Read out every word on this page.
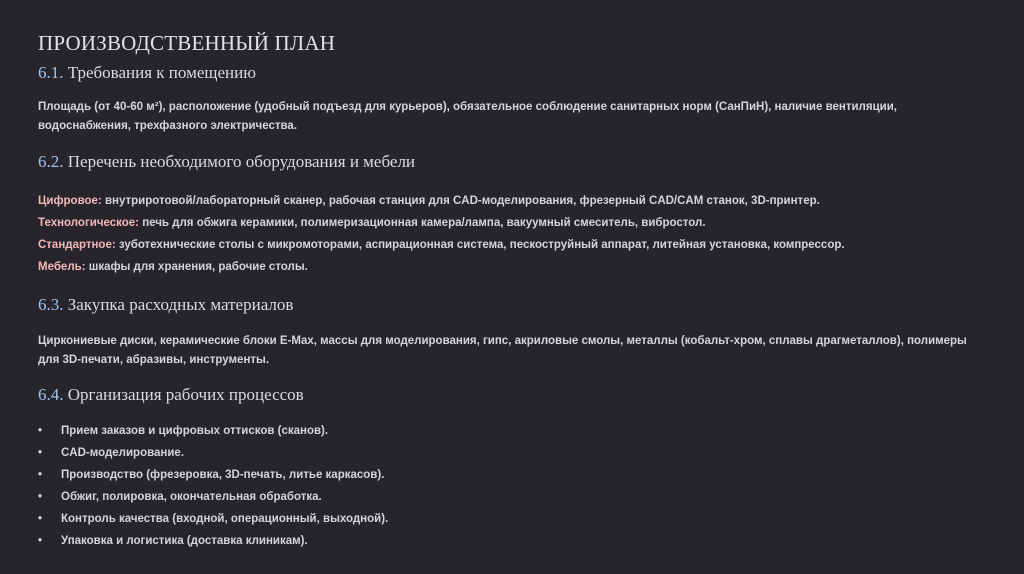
ПРОИЗВОДСТВЕННЫЙ ПЛАН
6.1. Требования к помещению

Площадь (от 40-60 м²), расположение (удобный подъезд для курьеров), обязательное соблюдение санитарных норм (СанПиН), наличие вентиляции, водоснабжения, трехфазного электричества.

6.2. Перечень необходимого оборудования и мебели

Цифровое: внутриротовой/лабораторный сканер, рабочая станция для CAD-моделирования, фрезерный CAD/CAM станок, 3D-принтер.

Технологическое: печь для обжига керамики, полимеризационная камера/лампа, вакуумный смеситель, вибростол.

Стандартное: зуботехнические столы с микромоторами, аспирационная система, пескоструйный аппарат, литейная установка, компрессор.

Мебель: шкафы для хранения, рабочие столы.

6.3. Закупка расходных материалов

Циркониевые диски, керамические блоки E-Max, массы для моделирования, гипс, акриловые смолы, металлы (кобальт-хром, сплавы драгметаллов), полимеры для 3D-печати, абразивы, инструменты.

6.4. Организация рабочих процессов
•	Прием заказов и цифровых оттисков (сканов).
•	CAD-моделирование.
•	Производство (фрезеровка, 3D-печать, литье каркасов).
•	Обжиг, полировка, окончательная обработка.
•	Контроль качества (входной, операционный, выходной).
•	Упаковка и логистика (доставка клиникам).
